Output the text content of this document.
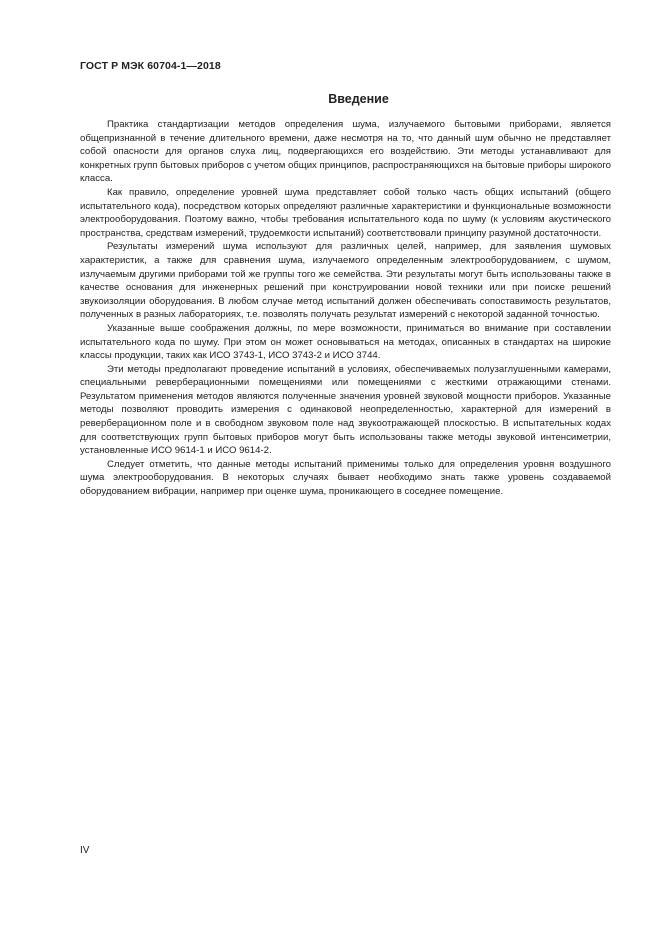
ГОСТ Р МЭК 60704-1—2018
Введение

Практика стандартизации методов определения шума, излучаемого бытовыми приборами, является общепризнанной в течение длительного времени, даже несмотря на то, что данный шум обычно не представляет собой опасности для органов слуха лиц, подвергающихся его воздействию. Эти методы устанавливают для конкретных групп бытовых приборов с учетом общих принципов, распространяющихся на бытовые приборы широкого класса.

Как правило, определение уровней шума представляет собой только часть общих испытаний (общего испытательного кода), посредством которых определяют различные характеристики и функциональные возможности электрооборудования. Поэтому важно, чтобы требования испытательного кода по шуму (к условиям акустического пространства, средствам измерений, трудоемкости испытаний) соответствовали принципу разумной достаточности.

Результаты измерений шума используют для различных целей, например, для заявления шумовых характеристик, а также для сравнения шума, излучаемого определенным электрооборудованием, с шумом, излучаемым другими приборами той же группы того же семейства. Эти результаты могут быть использованы также в качестве основания для инженерных решений при конструировании новой техники или при поиске решений звукоизоляции оборудования. В любом случае метод испытаний должен обеспечивать сопоставимость результатов, полученных в разных лабораториях, т.е. позволять получать результат измерений с некоторой заданной точностью.

Указанные выше соображения должны, по мере возможности, приниматься во внимание при составлении испытательного кода по шуму. При этом он может основываться на методах, описанных в стандартах на широкие классы продукции, таких как ИСО 3743-1, ИСО 3743-2 и ИСО 3744.

Эти методы предполагают проведение испытаний в условиях, обеспечиваемых полузаглушенными камерами, специальными реверберационными помещениями или помещениями с жесткими отражающими стенами. Результатом применения методов являются полученные значения уровней звуковой мощности приборов. Указанные методы позволяют проводить измерения с одинаковой неопределенностью, характерной для измерений в реверберационном поле и в свободном звуковом поле над звукоотражающей плоскостью. В испытательных кодах для соответствующих групп бытовых приборов могут быть использованы также методы звуковой интенсиметрии, установленные ИСО 9614-1 и ИСО 9614-2.

Следует отметить, что данные методы испытаний применимы только для определения уровня воздушного шума электрооборудования. В некоторых случаях бывает необходимо знать также уровень создаваемой оборудованием вибрации, например при оценке шума, проникающего в соседнее помещение.

IV
